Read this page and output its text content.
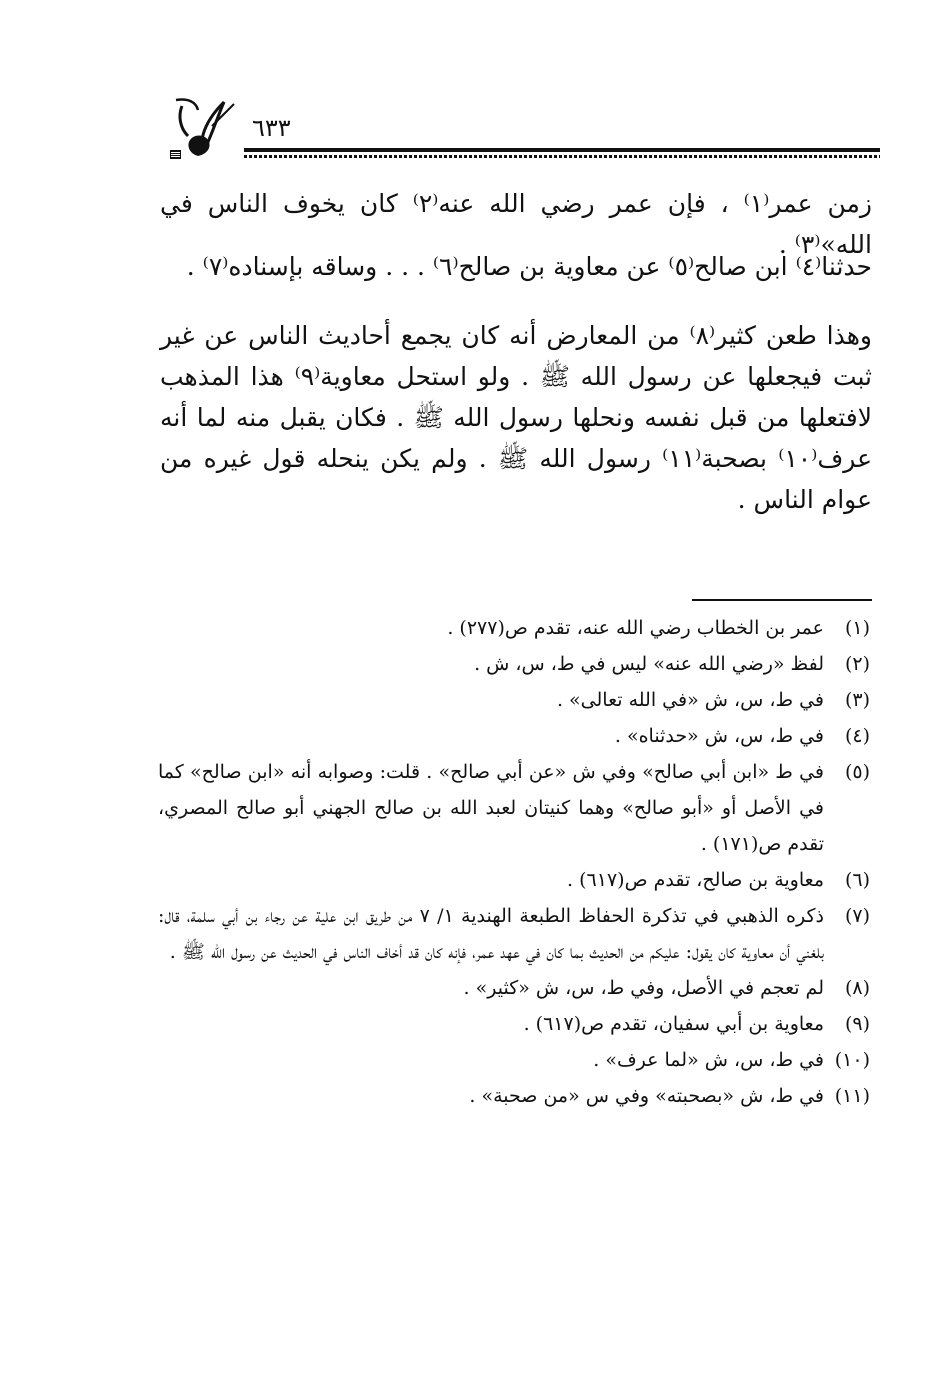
٦٣٣
زمن عمر⁽١⁾ ، فإن عمر رضي الله عنه⁽٢⁾ كان يخوف الناس في الله»⁽٣⁾ .
حدثنا⁽٤⁾ ابن صالح⁽٥⁾ عن معاوية بن صالح⁽٦⁾ . . . وساقه بإسناده⁽٧⁾ .
وهذا طعن كثير⁽٨⁾ من المعارض أنه كان يجمع أحاديث الناس عن غير ثبت فيجعلها عن رسول الله ﷺ . ولو استحل معاوية⁽٩⁾ هذا المذهب لافتعلها من قبل نفسه ونحلها رسول الله ﷺ . فكان يقبل منه لما أنه عرف⁽١٠⁾ بصحبة⁽١١⁾ رسول الله ﷺ . ولم يكن ينحله قول غيره من عوام الناس .
(١)
عمر بن الخطاب رضي الله عنه، تقدم ص(٢٧٧) .
(٢)
لفظ «رضي الله عنه» ليس في ط، س، ش .
(٣)
في ط، س، ش «في الله تعالى» .
(٤)
في ط، س، ش «حدثناه» .
(٥)
في ط «ابن أبي صالح» وفي ش «عن أبي صالح» . قلت: وصوابه أنه «ابن صالح» كما في الأصل أو «أبو صالح» وهما كنيتان لعبد الله بن صالح الجهني أبو صالح المصري، تقدم ص(١٧١) .
(٦)
معاوية بن صالح، تقدم ص(٦١٧) .
(٧)
ذكره الذهبي في تذكرة الحفاظ الطبعة الهندية ١/ ٧ من طريق ابن علية عن رجاء بن أبي سلمة، قال: بلغني أن معاوية كان يقول: عليكم من الحديث بما كان في عهد عمر، فإنه كان قد أخاف الناس في الحديث عن رسول الله ﷺ .
(٨)
لم تعجم في الأصل، وفي ط، س، ش «كثير» .
(٩)
معاوية بن أبي سفيان، تقدم ص(٦١٧) .
(١٠)
في ط، س، ش «لما عرف» .
(١١)
في ط، ش «بصحبته» وفي س «من صحبة» .
